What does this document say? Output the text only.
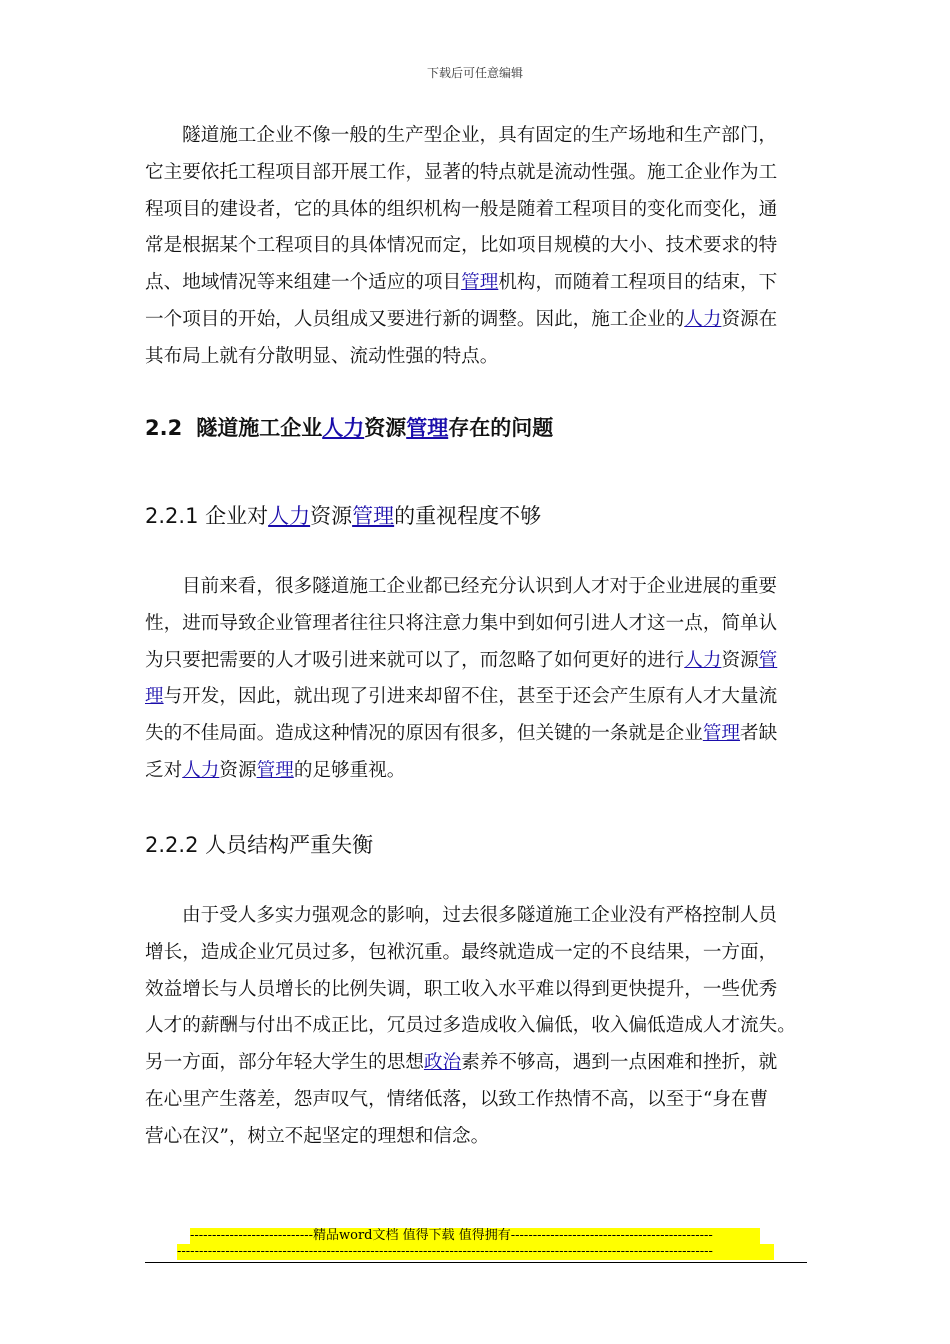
下载后可任意编辑

隧道施工企业不像一般的生产型企业，具有固定的生产场地和生产部门，
它主要依托工程项目部开展工作，显著的特点就是流动性强。施工企业作为工
程项目的建设者，它的具体的组织机构一般是随着工程项目的变化而变化，通
常是根据某个工程项目的具体情况而定，比如项目规模的大小、技术要求的特
点、地域情况等来组建一个适应的项目管理机构，而随着工程项目的结束，下
一个项目的开始，人员组成又要进行新的调整。因此，施工企业的人力资源在
其布局上就有分散明显、流动性强的特点。

2.2 隧道施工企业人力资源管理存在的问题
2.2.1 企业对人力资源管理的重视程度不够

目前来看，很多隧道施工企业都已经充分认识到人才对于企业进展的重要
性，进而导致企业管理者往往只将注意力集中到如何引进人才这一点，简单认
为只要把需要的人才吸引进来就可以了，而忽略了如何更好的进行人力资源管
理与开发，因此，就出现了引进来却留不住，甚至于还会产生原有人才大量流
失的不佳局面。造成这种情况的原因有很多，但关键的一条就是企业管理者缺
乏对人力资源管理的足够重视。

2.2.2 人员结构严重失衡

由于受人多实力强观念的影响，过去很多隧道施工企业没有严格控制人员
增长，造成企业冗员过多，包袱沉重。最终就造成一定的不良结果，一方面，
效益增长与人员增长的比例失调，职工收入水平难以得到更快提升，一些优秀
人才的薪酬与付出不成正比，冗员过多造成收入偏低，收入偏低造成人才流失。
另一方面，部分年轻大学生的思想政治素养不够高，遇到一点困难和挫折，就
在心里产生落差，怨声叹气，情绪低落，以致工作热情不高，以至于“身在曹
营心在汉”，树立不起坚定的理想和信念。

----------------------------精品word文档 值得下载 值得拥有----------------------------------------------
--------------------------------------------------------------------------------------------------------------------------
